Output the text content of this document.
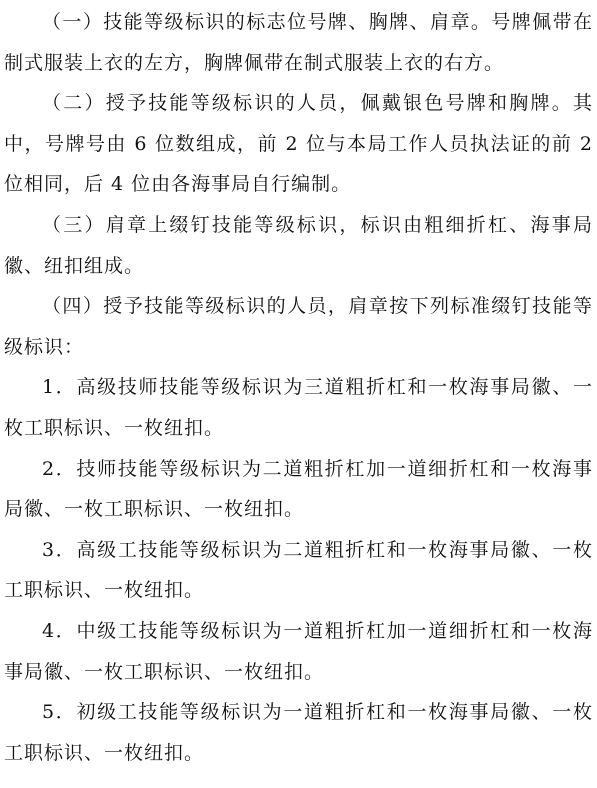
（一）技能等级标识的标志位号牌、胸牌、肩章。号牌佩带在制式服装上衣的左方，胸牌佩带在制式服装上衣的右方。

（二）授予技能等级标识的人员，佩戴银色号牌和胸牌。其中，号牌号由 6 位数组成，前 2 位与本局工作人员执法证的前 2 位相同，后 4 位由各海事局自行编制。

（三）肩章上缀钉技能等级标识，标识由粗细折杠、海事局徽、纽扣组成。

（四）授予技能等级标识的人员，肩章按下列标准缀钉技能等级标识：

1．高级技师技能等级标识为三道粗折杠和一枚海事局徽、一枚工职标识、一枚纽扣。

2．技师技能等级标识为二道粗折杠加一道细折杠和一枚海事局徽、一枚工职标识、一枚纽扣。

3．高级工技能等级标识为二道粗折杠和一枚海事局徽、一枚工职标识、一枚纽扣。

4．中级工技能等级标识为一道粗折杠加一道细折杠和一枚海事局徽、一枚工职标识、一枚纽扣。

5．初级工技能等级标识为一道粗折杠和一枚海事局徽、一枚工职标识、一枚纽扣。
